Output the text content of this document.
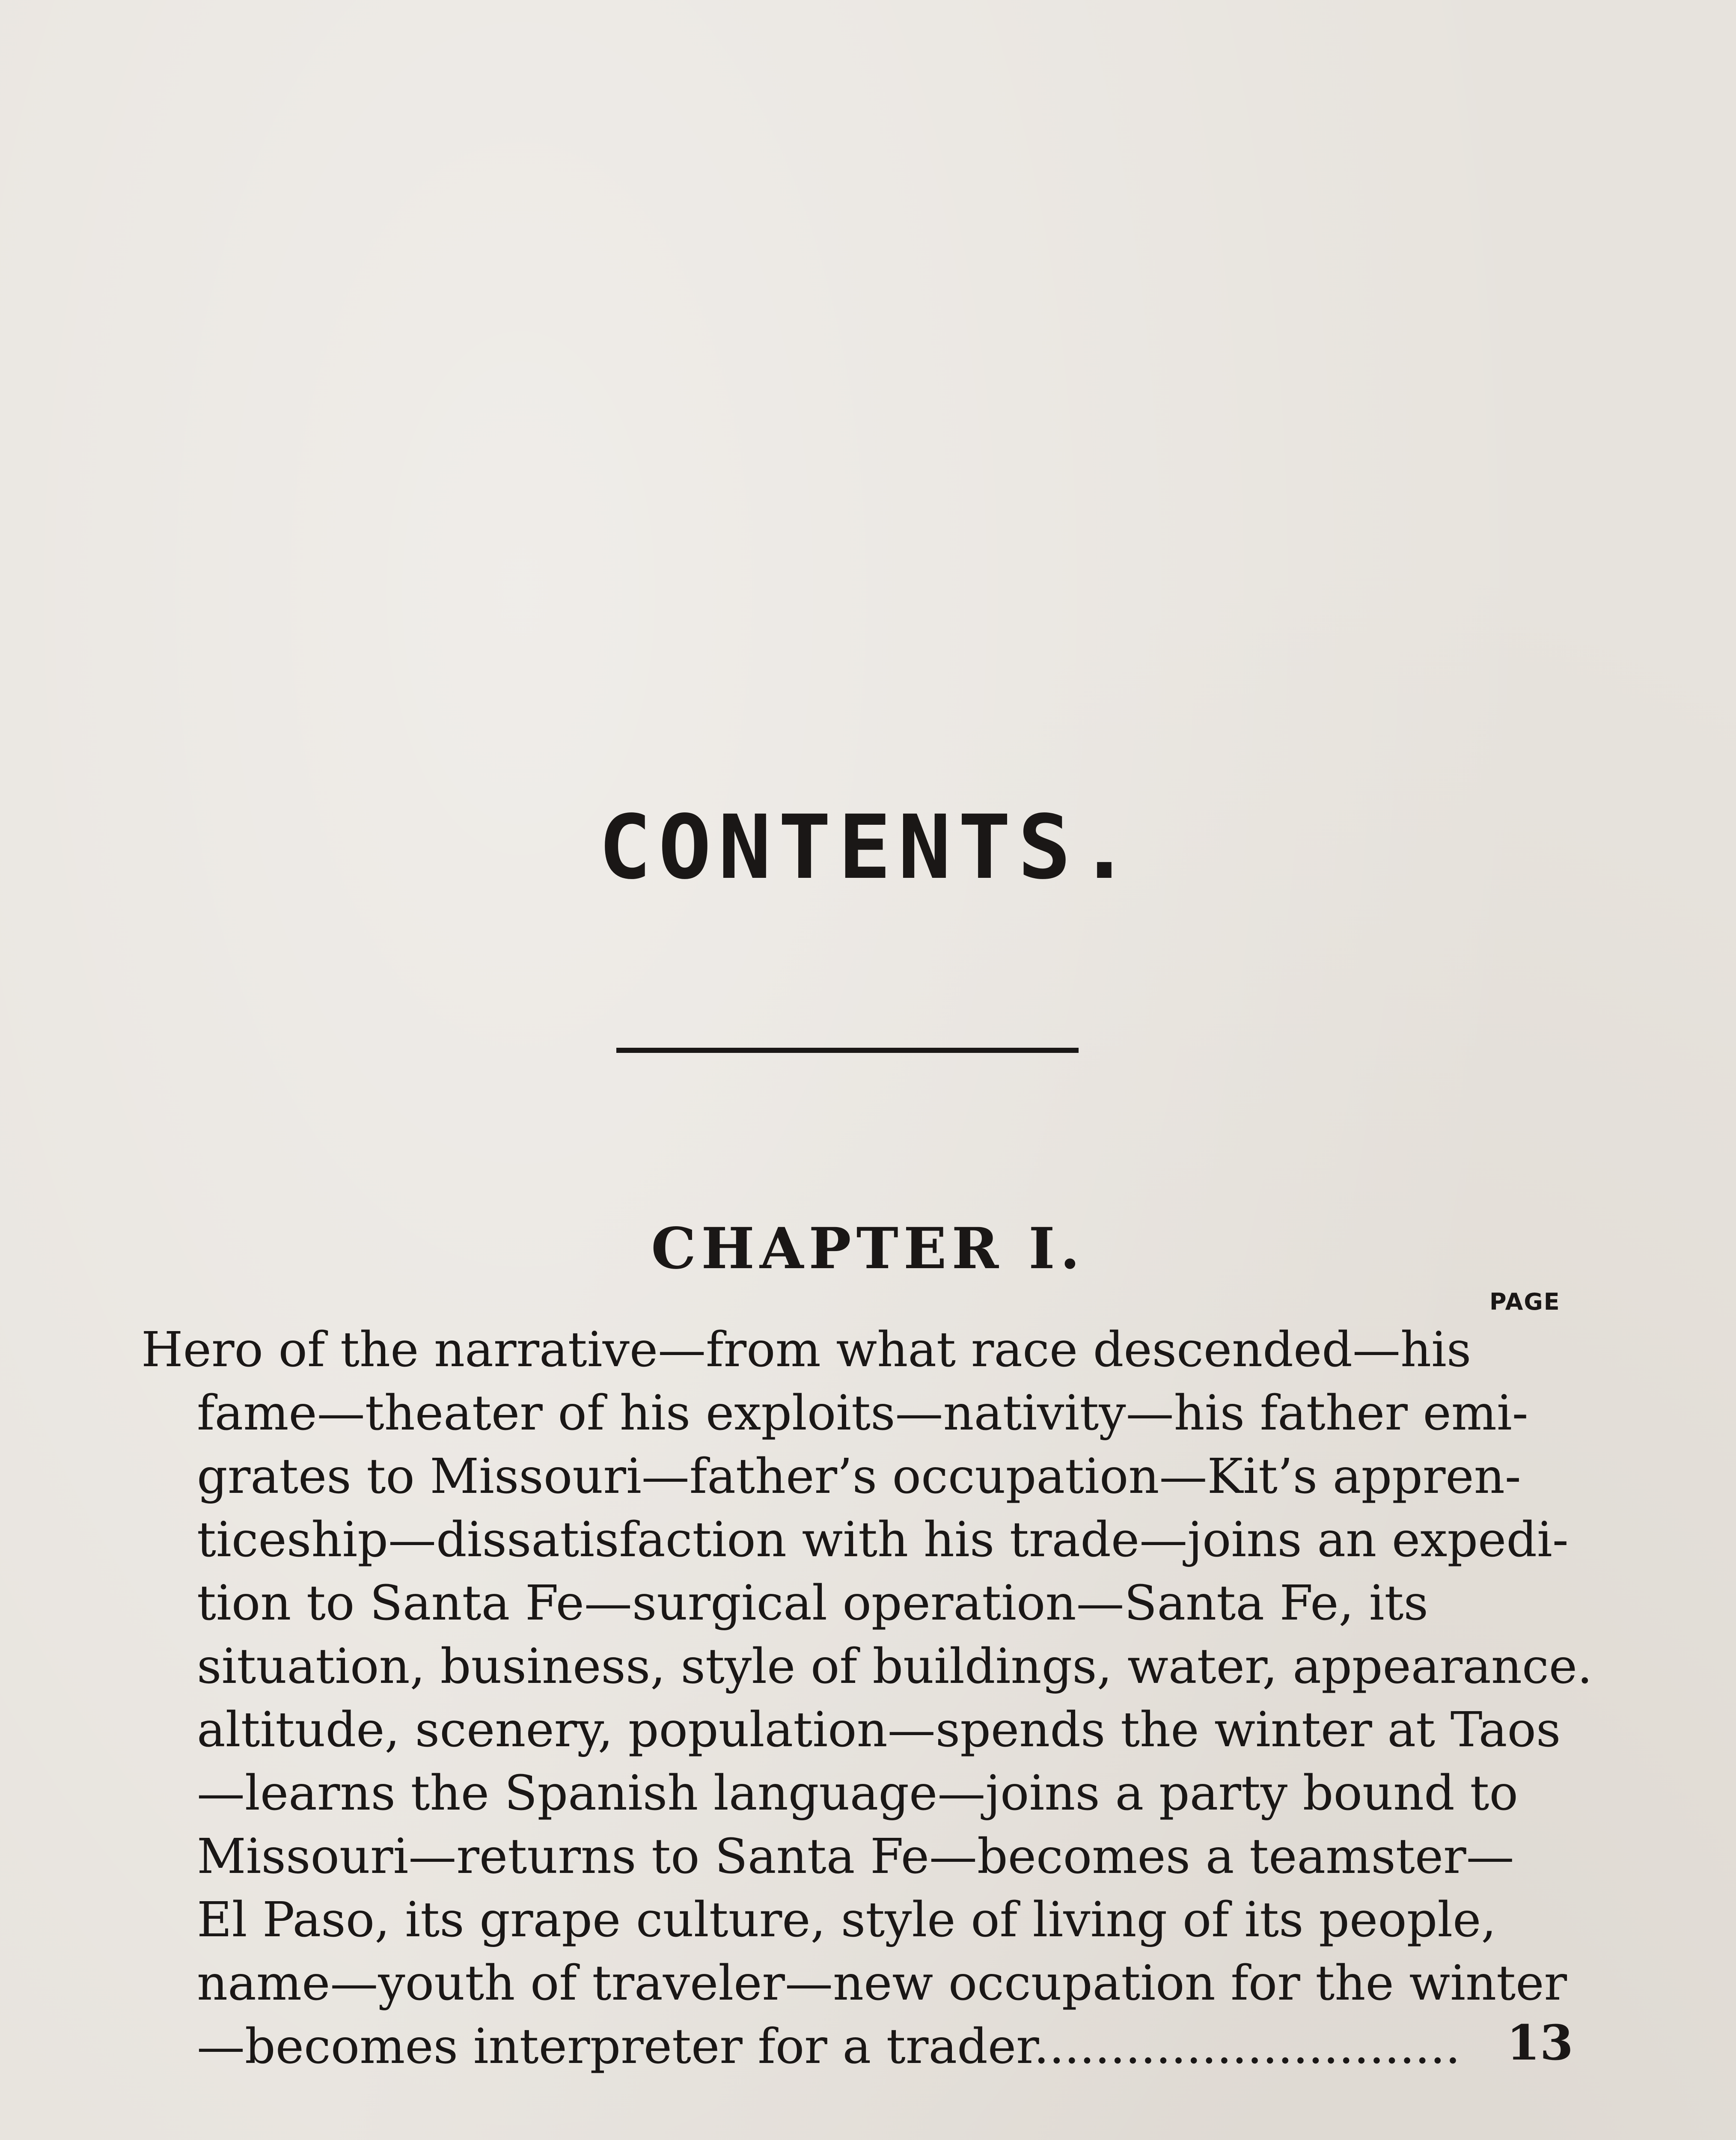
CONTENTS.
CHAPTER I.
PAGE
Hero of the narrative—from what race descended—his
fame—theater of his exploits—nativity—his father emi-
grates to Missouri—father’s occupation—Kit’s appren-
ticeship—dissatisfaction with his trade—joins an expedi-
tion to Santa Fe—surgical operation—Santa Fe, its
situation, business, style of buildings, water, appearance.
altitude, scenery, population—spends the winter at Taos
—learns the Spanish language—joins a party bound to
Missouri—returns to Santa Fe—becomes a teamster—
El Paso, its grape culture, style of living of its people,
name—youth of traveler—new occupation for the winter
—becomes interpreter for a trader............................ 13
